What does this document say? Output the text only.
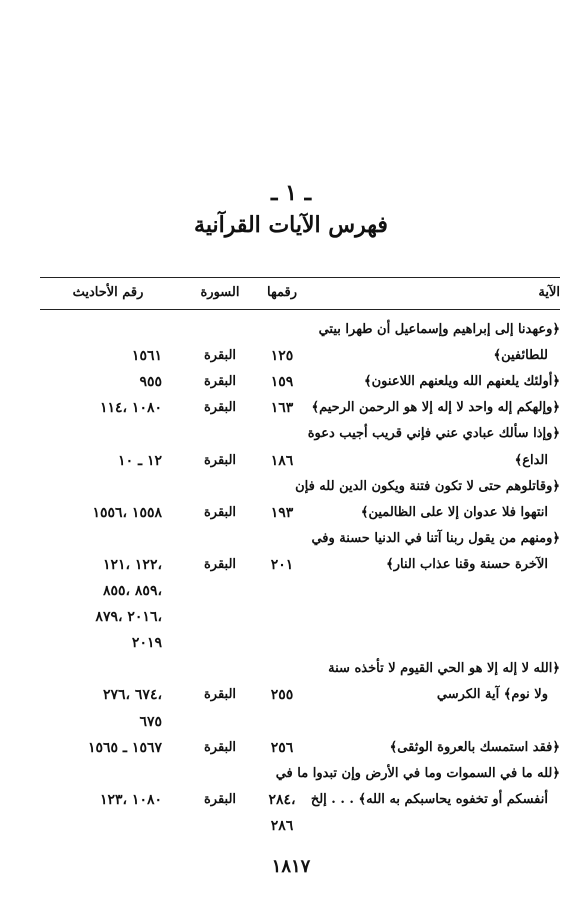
ـ ١ ـ
فهرس الآيات القرآنية
الآية
رقمها
السورة
رقم الأحاديث
﴿وعهدنا إلى إبراهيم وإسماعيل أن طهرا بيتي
للطائفين﴾
١٢٥
البقرة
١٥٦١
﴿أولئك يلعنهم الله ويلعنهم اللاعنون﴾
١٥٩
البقرة
٩٥٥
﴿وإلهكم إله واحد لا إله إلا هو الرحمن الرحيم﴾
١٦٣
البقرة
١٠٨٠ ،١١٤
﴿وإذا سألك عبادي عني فإني قريب أجيب دعوة
الداع﴾
١٨٦
البقرة
١٢ ـ ١٠
﴿وقاتلوهم حتى لا تكون فتنة ويكون الدين لله فإن
انتهوا فلا عدوان إلا على الظالمين﴾
١٩٣
البقرة
١٥٥٨ ،١٥٥٦
﴿ومنهم من يقول ربنا آتنا في الدنيا حسنة وفي
الآخرة حسنة وقنا عذاب النار﴾
٢٠١
البقرة
،١٢٢ ،١٢١
،٨٥٩ ،٨٥٥
،٢٠١٦ ،٨٧٩
٢٠١٩
﴿الله لا إله إلا هو الحي القيوم لا تأخذه سنة
ولا نوم﴾ آية الكرسي
٢٥٥
البقرة
،٦٧٤ ،٢٧٦
٦٧٥
﴿فقد استمسك بالعروة الوثقى﴾
٢٥٦
البقرة
١٥٦٧ ـ ١٥٦٥
﴿لله ما في السموات وما في الأرض وإن تبدوا ما في
أنفسكم أو تخفوه يحاسبكم به الله﴾ . . . إلخ
،٢٨٤
٢٨٦
البقرة
١٠٨٠ ،١٢٣
١٨١٧
